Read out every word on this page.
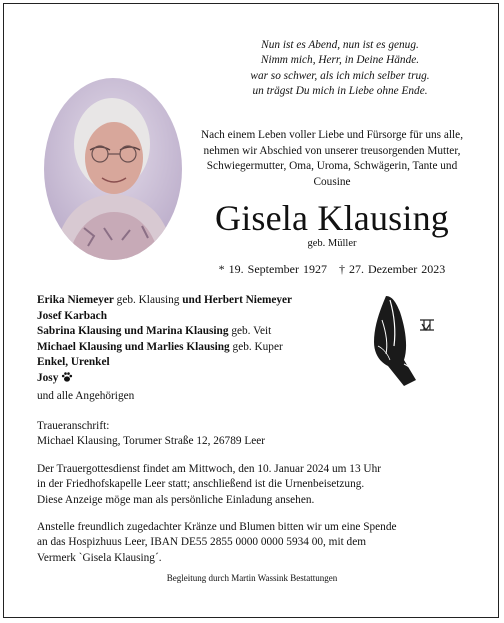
Nun ist es Abend, nun ist es genug.
Nimm mich, Herr, in Deine Hände.
war so schwer, als ich mich selber trug.
un trägst Du mich in Liebe ohne Ende.
Nach einem Leben voller Liebe und Fürsorge für uns alle, nehmen wir Abschied von unserer treusorgenden Mutter, Schwiegermutter, Oma, Uroma, Schwägerin, Tante und Cousine
Gisela Klausing
geb. Müller
* 19. September 1927 † 27. Dezember 2023
Erika Niemeyer geb. Klausing und Herbert Niemeyer
Josef Karbach
Sabrina Klausing und Marina Klausing geb. Veit
Michael Klausing und Marlies Klausing geb. Kuper
Enkel, Urenkel
Josy
und alle Angehörigen
Traueranschrift:
Michael Klausing, Torumer Straße 12, 26789 Leer
Der Trauergottesdienst findet am Mittwoch, den 10. Januar 2024 um 13 Uhr
in der Friedhofskapelle Leer statt; anschließend ist die Urnenbeisetzung.
Diese Anzeige möge man als persönliche Einladung ansehen.
Anstelle freundlich zugedachter Kränze und Blumen bitten wir um eine Spende
an das Hospizhuus Leer, IBAN DE55 2855 0000 0000 5934 00, mit dem
Vermerk `Gisela Klausing´.
Begleitung durch Martin Wassink Bestattungen
